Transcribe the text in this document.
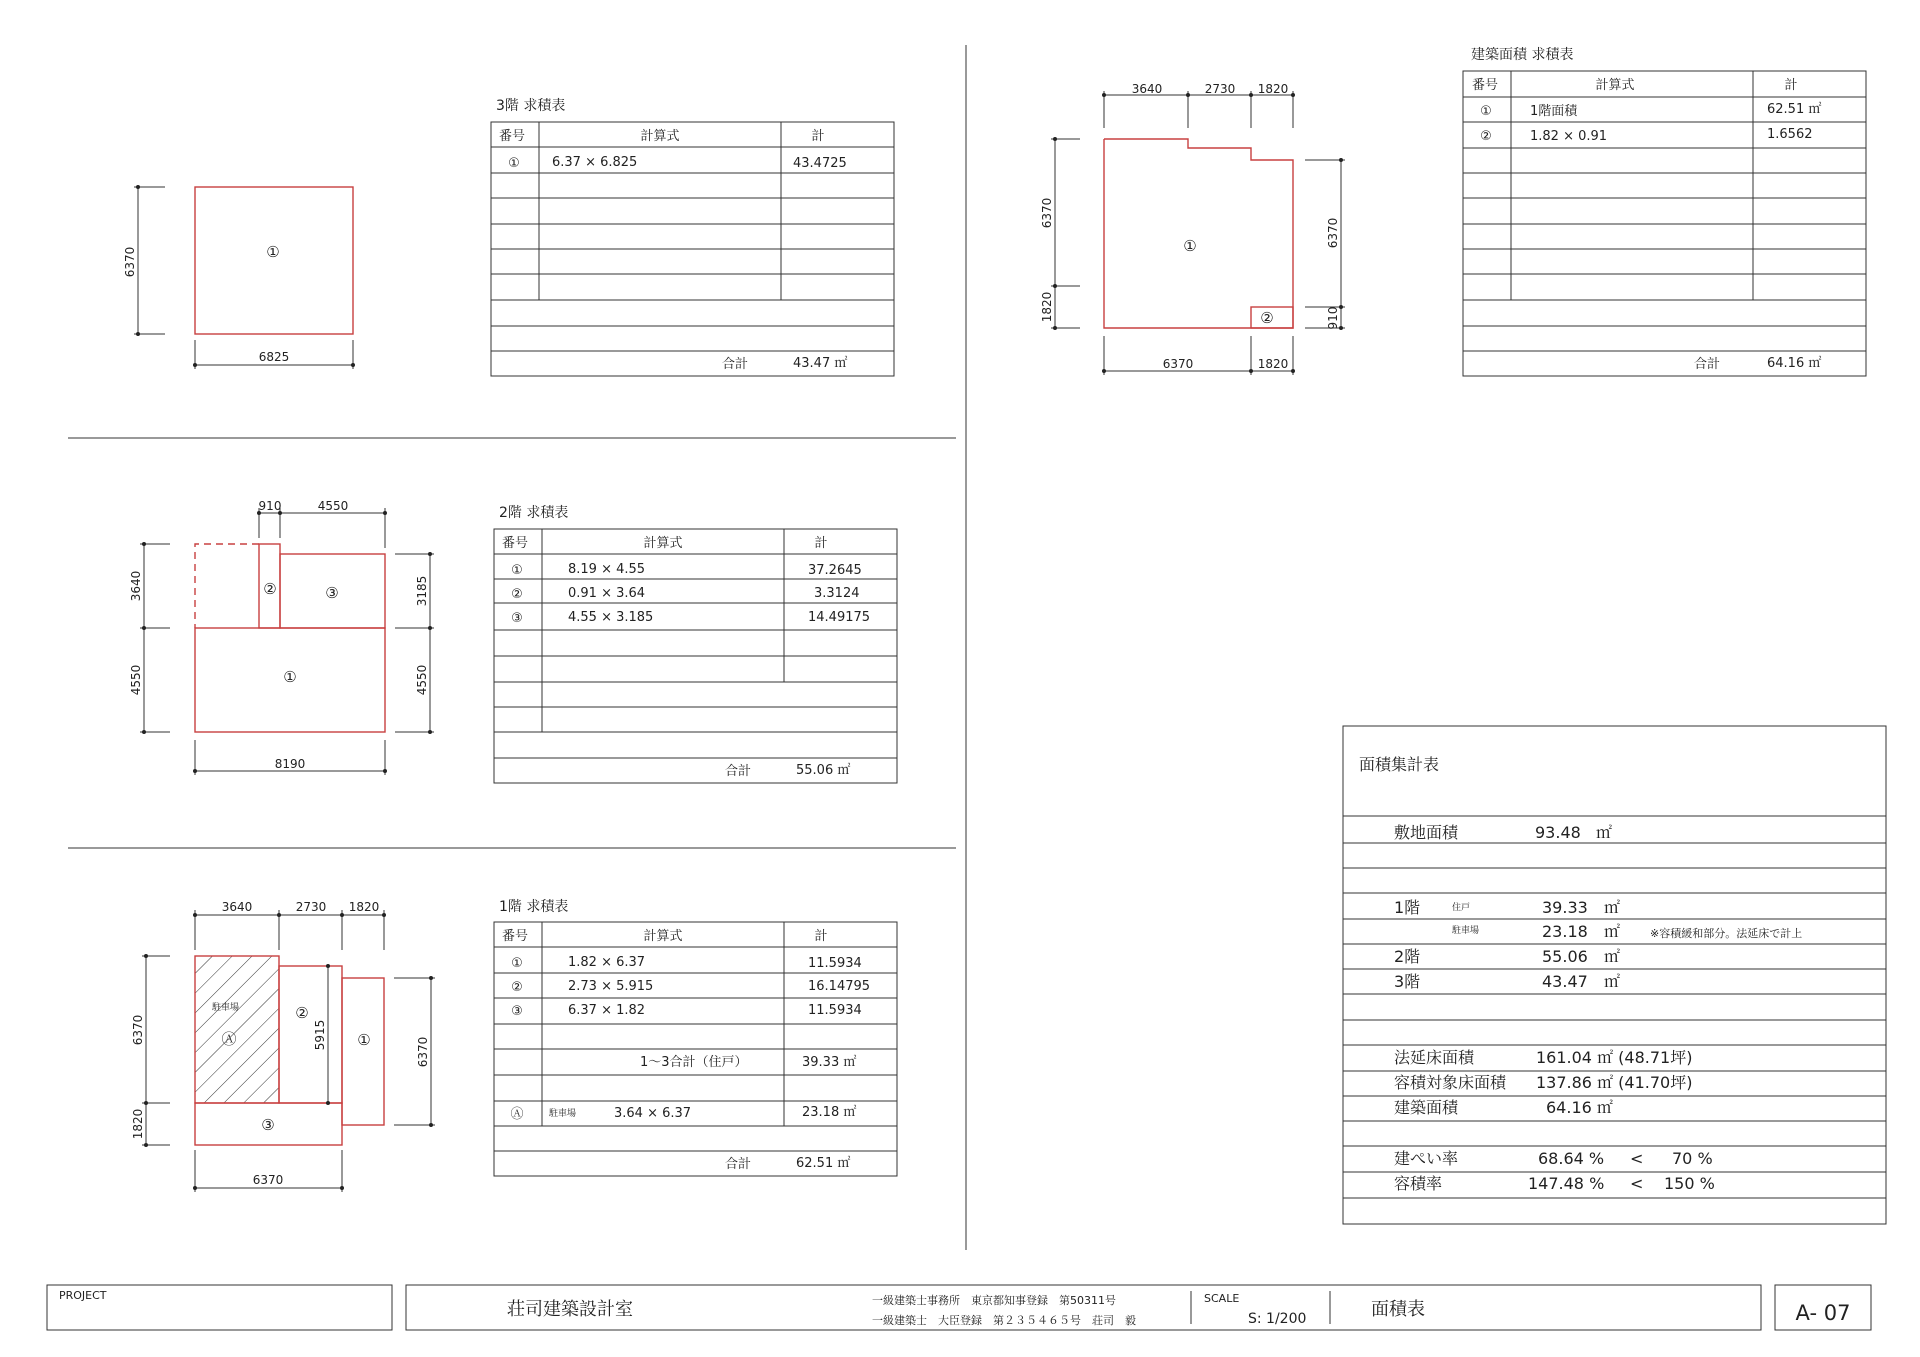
①
6370
6825
3階 求積表
番号	計算式	計
① 6.37 × 6.825	43.4725
合計	43.47 ㎡
①
②	③
910	4550
3640
4550
3185
4550
8190
2階 求積表
番号	計算式	計
①	8.19 × 4.55	37.2645
②	0.91 × 3.64	3.3124
③	4.55 × 3.185	14.49175
合計	55.06 ㎡
駐車場
Ⓐ
②
①
③
5915
3640	2730 1820
6370
1820
6370
6370
1階 求積表
番号	計算式	計
①	1.82 × 6.37	11.5934
②	2.73 × 5.915	16.14795
③	6.37 × 1.82	11.5934
1〜3合計（住戸）	39.33 ㎡
Ⓐ	駐車場	3.64 × 6.37	23.18 ㎡
合計	62.51 ㎡
①
②
3640	2730 1820
6370
1820
6370
910
6370	1820
建築面積 求積表
番号	計算式	計
①	1階面積	62.51 ㎡
②	1.82 × 0.91	1.6562
合計	64.16 ㎡
面積集計表
敷地面積	93.48 ㎡
1階	住戸	39.33 ㎡
駐車場	23.18 ㎡	※容積緩和部分。法延床で計上
2階	55.06 ㎡
3階	43.47 ㎡
法延床面積	161.04 ㎡ (48.71坪)
容積対象床面積 137.86 ㎡ (41.70坪)
建築面積	64.16 ㎡
建ぺい率	68.64 % < 70 %
容積率	147.48 % < 150 %
PROJECT
荘司建築設計室	一級建築士事務所　東京都知事登録　第50311号
一級建築士　大臣登録　第２３５４６５号　荘司　毅
SCALE
S: 1/200	面積表	A- 07
